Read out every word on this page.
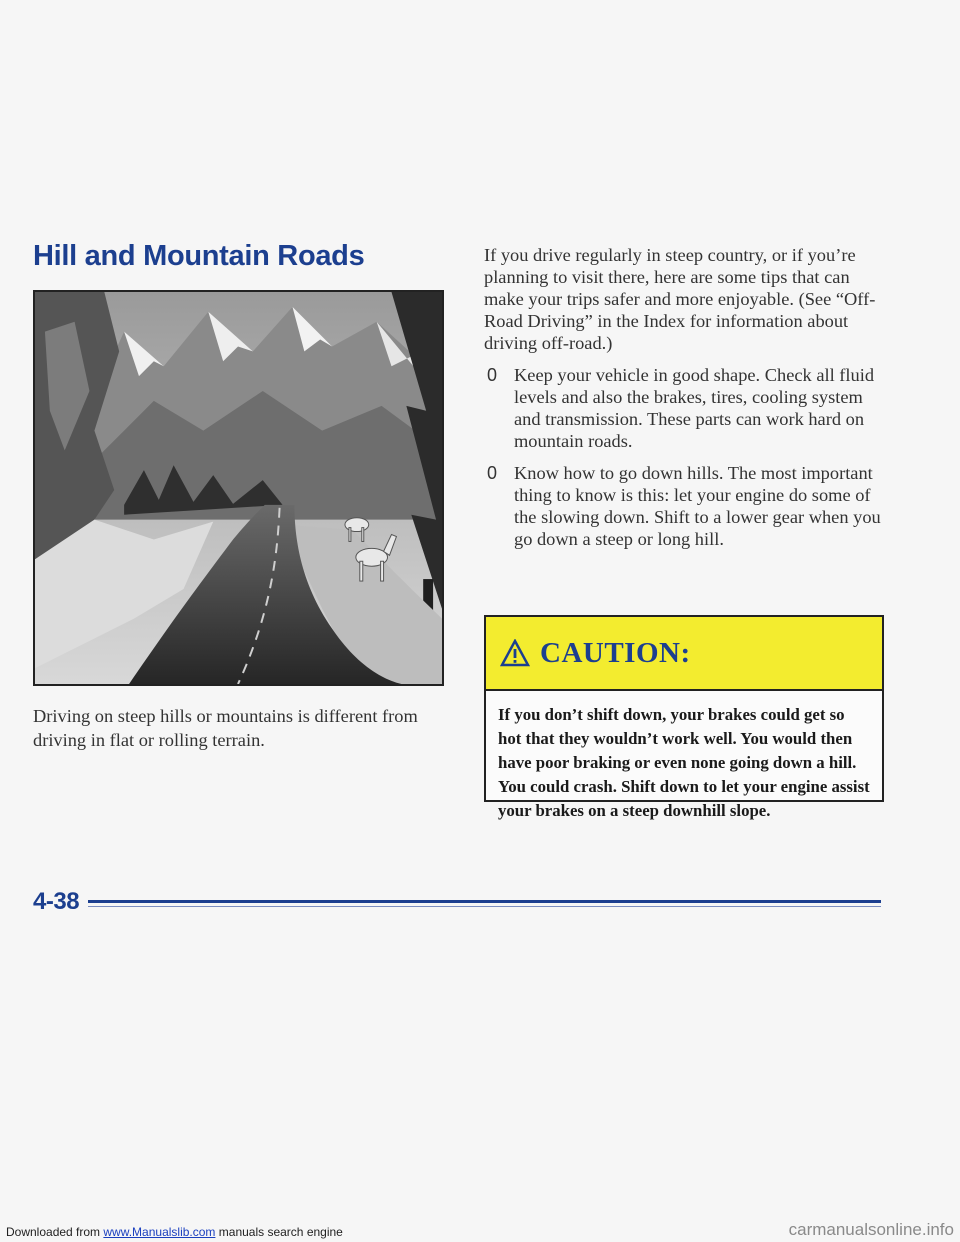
Hill and Mountain Roads
Driving on steep hills or mountains is different from driving in flat or rolling terrain.

If you drive regularly in steep country, or if you’re planning to visit there, here are some tips that can make your trips safer and more enjoyable. (See “Off-Road Driving” in the Index for information about driving off-road.)

0 Keep your vehicle in good shape. Check all fluid levels and also the brakes, tires, cooling system and transmission. These parts can work hard on mountain roads.
0 Know how to go down hills. The most important thing to know is this: let your engine do some of the slowing down. Shift to a lower gear when you go down a steep or long hill.
CAUTION:
If you don’t shift down, your brakes could get so hot that they wouldn’t work well. You would then have poor braking or even none going down a hill. You could crash. Shift down to let your engine assist your brakes on a steep downhill slope.
4-38
Downloaded from www.Manualslib.com manuals search engine	carmanualsonline.info
